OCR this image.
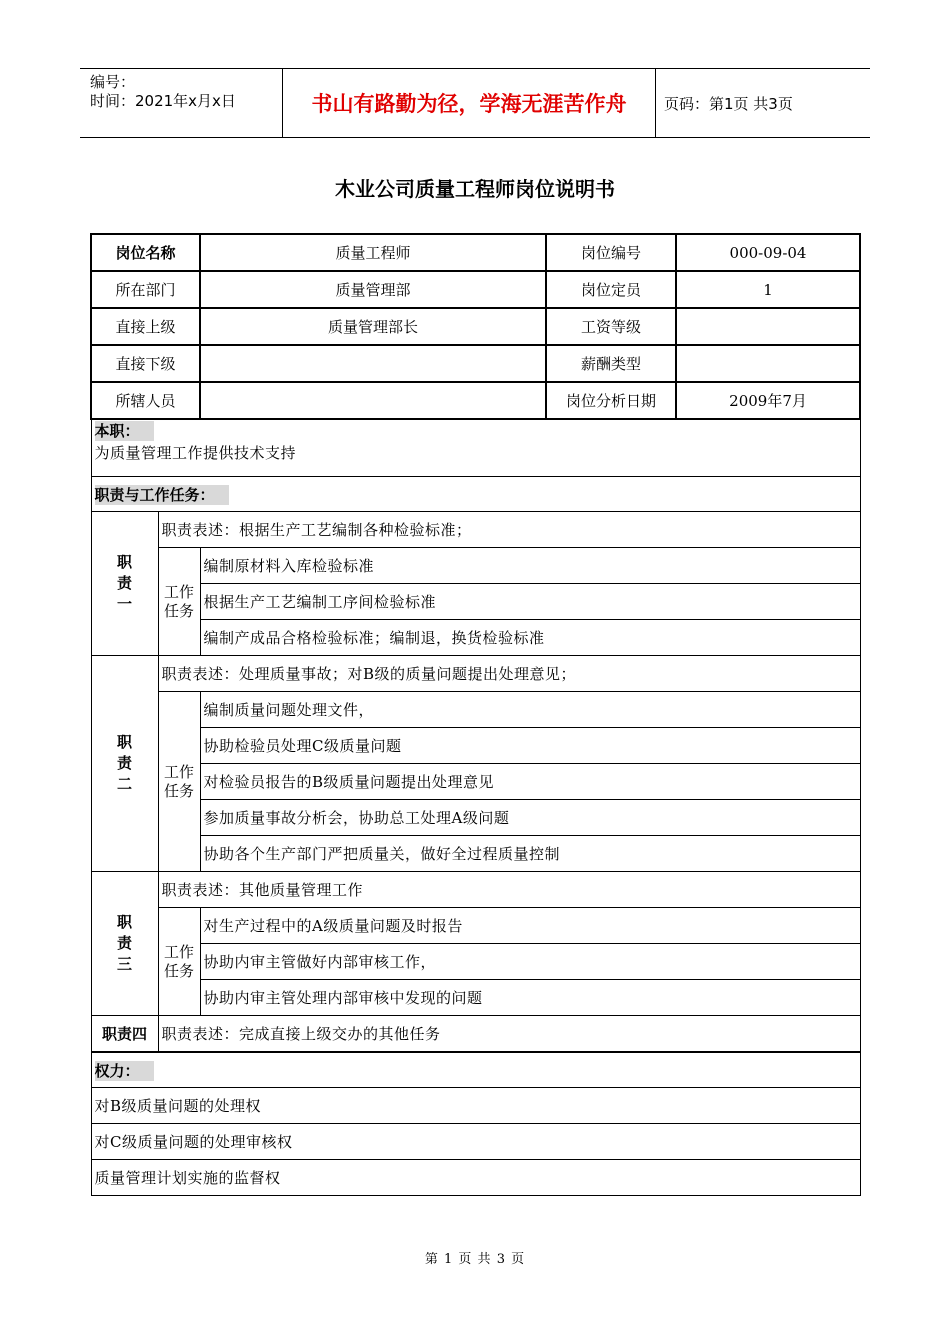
编号：
时间：2021年x月x日	书山有路勤为径，学海无涯苦作舟	页码：第1页 共3页
木业公司质量工程师岗位说明书
岗位名称		质量工程师	岗位编号	000-09-04
所在部门		质量管理部	岗位定员	1
直接上级		质量管理部长	工资等级	
直接下级			薪酬类型	
所辖人员			岗位分析日期	2009年7月
本职：				
为质量管理工作提供技术支持				
职责与工作任务：				
职
责
一	职责表述：根据生产工艺编制各种检验标准；			
	工作
任务	编制原材料入库检验标准		
		根据生产工艺编制工序间检验标准		
		编制产成品合格检验标准；编制退，换货检验标准		
职
责
二	职责表述：处理质量事故；对B级的质量问题提出处理意见；			
	工作
任务	编制质量问题处理文件，		
		协助检验员处理C级质量问题		
		对检验员报告的B级质量问题提出处理意见		
		参加质量事故分析会，协助总工处理A级问题		
		协助各个生产部门严把质量关，做好全过程质量控制		
职
责
三	职责表述：其他质量管理工作			
	工作
任务	对生产过程中的A级质量问题及时报告		
		协助内审主管做好内部审核工作，		
		协助内审主管处理内部审核中发现的问题		
职责四	职责表述：完成直接上级交办的其他任务			
权力：				
对B级质量问题的处理权				
对C级质量问题的处理审核权				
质量管理计划实施的监督权				
第 1 页 共 3 页
